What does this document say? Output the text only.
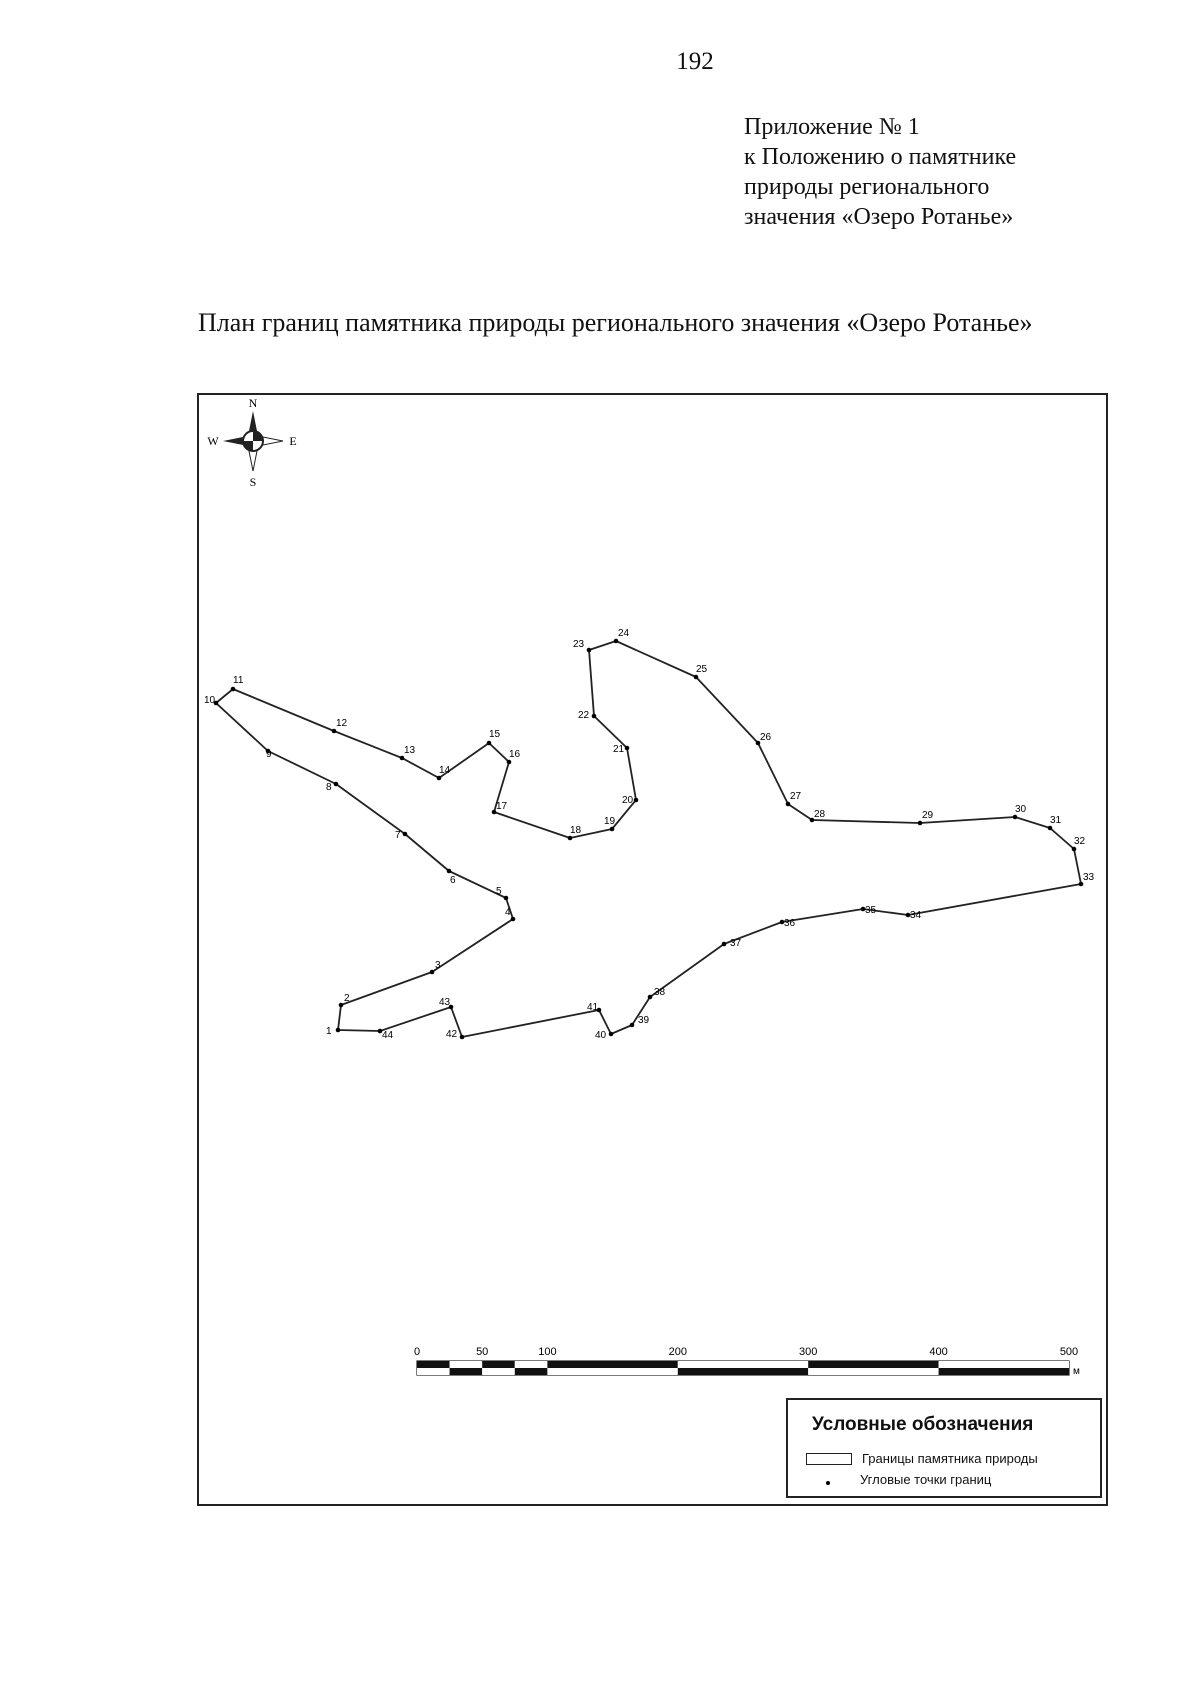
192
Приложение № 1
к Положению о памятнике
природы регионального
значения «Озеро Ротанье»
План границ памятника природы регионального значения «Озеро Ротанье»
N
S
E
W
1
2
3
4
5
6
7
8
9
10
11
12
13
14
15
16
17
18
19
20
21
22
23
24
25
26
27
28	29
30
31
32
33
34
35
36
37
38
39
40
41
42
43
44
0	50	100	200	300	400	500
м
Условные обозначения
Границы памятника природы
Угловые точки границ
